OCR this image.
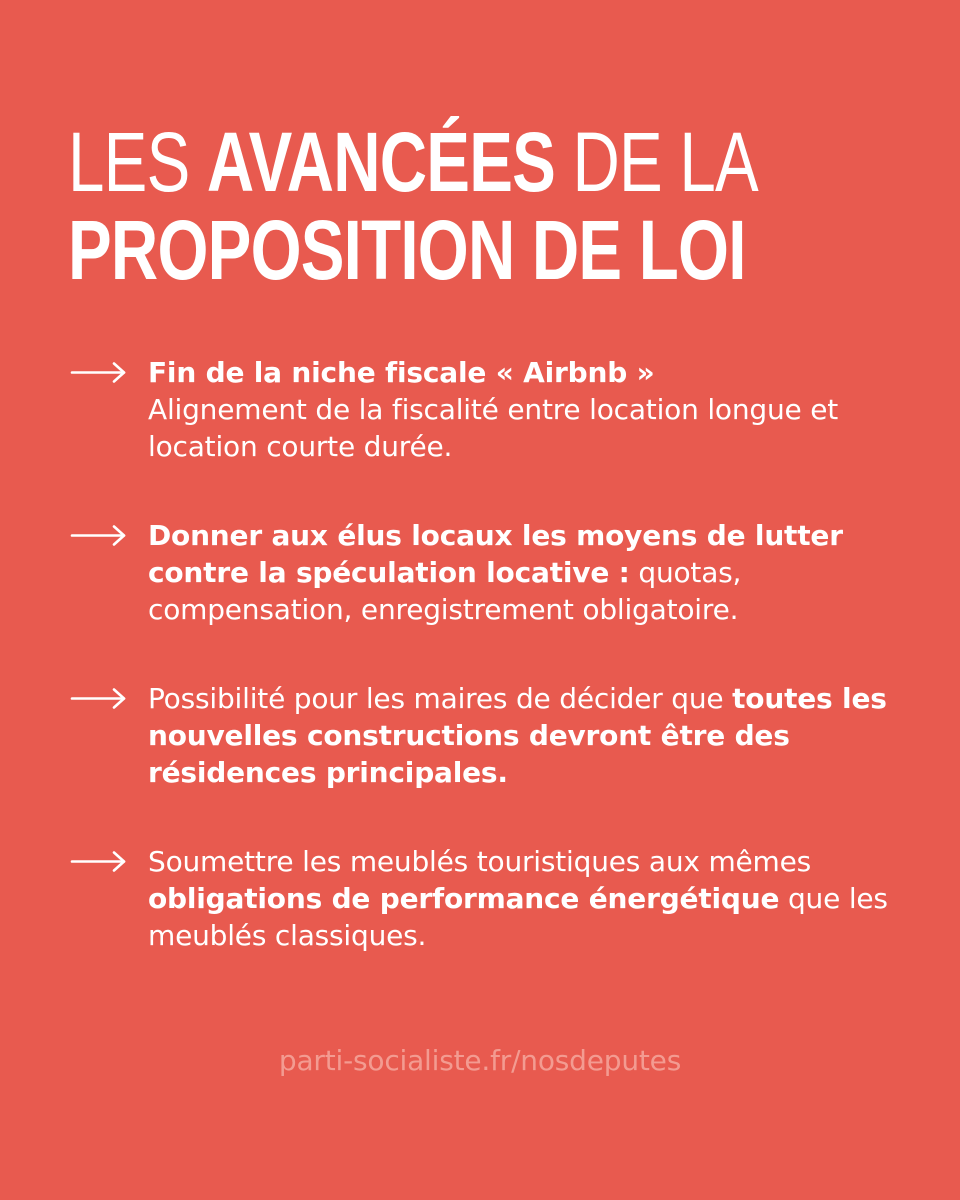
LES AVANCÉES DE LA
PROPOSITION DE LOI
Fin de la niche fiscale « Airbnb »
Alignement de la fiscalité entre location longue et location courte durée.
Donner aux élus locaux les moyens de lutter contre la spéculation locative : quotas, compensation, enregistrement obligatoire.
Possibilité pour les maires de décider que toutes les nouvelles constructions devront être des résidences principales.
Soumettre les meublés touristiques aux mêmes obligations de performance énergétique que les meublés classiques.
parti-socialiste.fr/nosdeputes
